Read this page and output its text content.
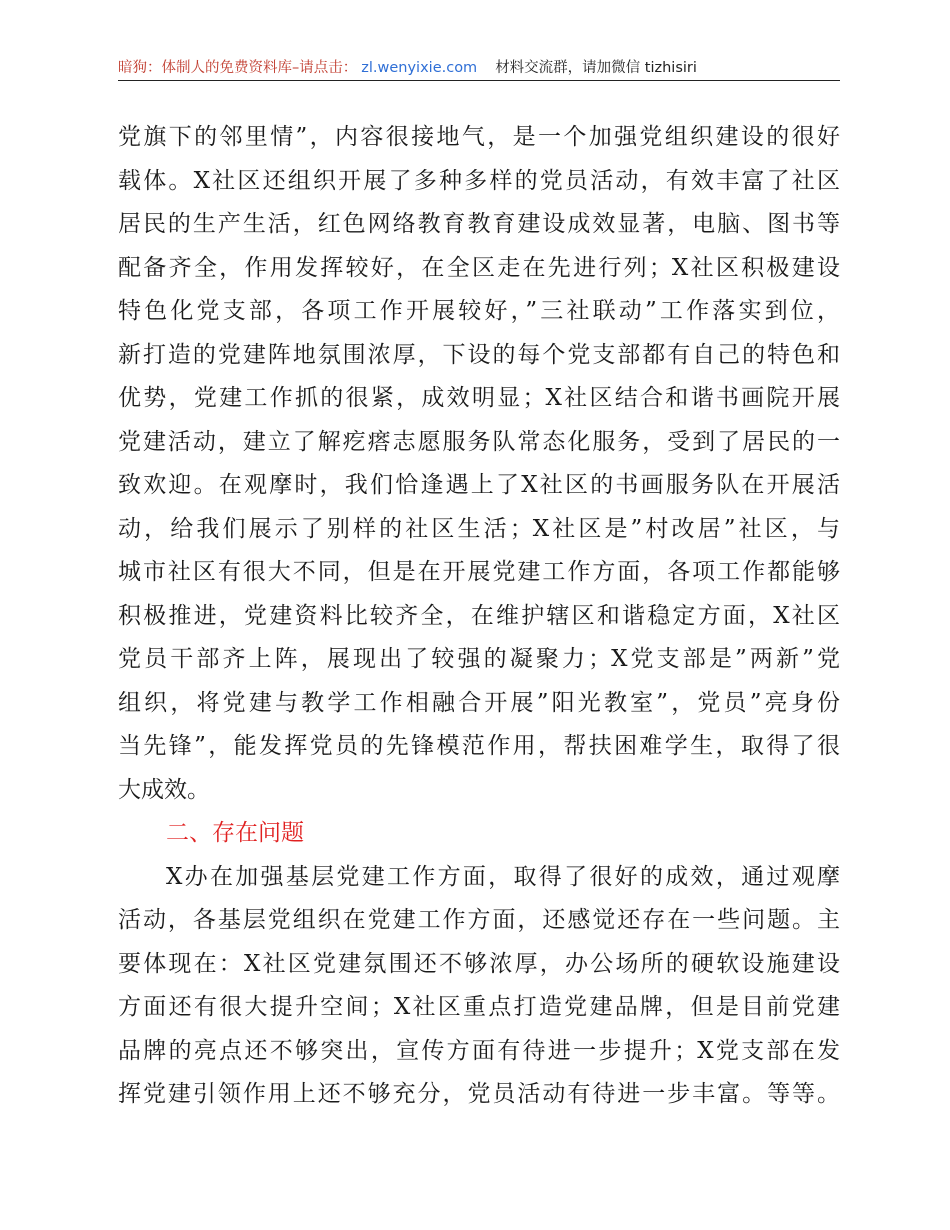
暗狗：体制人的免费资料库–请点击： zl.wenyixie.com 材料交流群，请加微信 tizhisiri
党旗下的邻里情”，内容很接地气，是一个加强党组织建设的很好
载体。X社区还组织开展了多种多样的党员活动，有效丰富了社区
居民的生产生活，红色网络教育教育建设成效显著，电脑、图书等
配备齐全，作用发挥较好，在全区走在先进行列；X社区积极建设
特色化党支部，各项工作开展较好，”三社联动”工作落实到位，
新打造的党建阵地氛围浓厚，下设的每个党支部都有自己的特色和
优势，党建工作抓的很紧，成效明显；X社区结合和谐书画院开展
党建活动，建立了解疙瘩志愿服务队常态化服务，受到了居民的一
致欢迎。在观摩时，我们恰逢遇上了X社区的书画服务队在开展活
动，给我们展示了别样的社区生活；X社区是”村改居”社区，与
城市社区有很大不同，但是在开展党建工作方面，各项工作都能够
积极推进，党建资料比较齐全，在维护辖区和谐稳定方面，X社区
党员干部齐上阵，展现出了较强的凝聚力；X党支部是”两新”党
组织，将党建与教学工作相融合开展”阳光教室”，党员”亮身份
当先锋”，能发挥党员的先锋模范作用，帮扶困难学生，取得了很
大成效。
二、存在问题
X办在加强基层党建工作方面，取得了很好的成效，通过观摩
活动，各基层党组织在党建工作方面，还感觉还存在一些问题。主
要体现在：X社区党建氛围还不够浓厚，办公场所的硬软设施建设
方面还有很大提升空间；X社区重点打造党建品牌，但是目前党建
品牌的亮点还不够突出，宣传方面有待进一步提升；X党支部在发
挥党建引领作用上还不够充分，党员活动有待进一步丰富。等等。
